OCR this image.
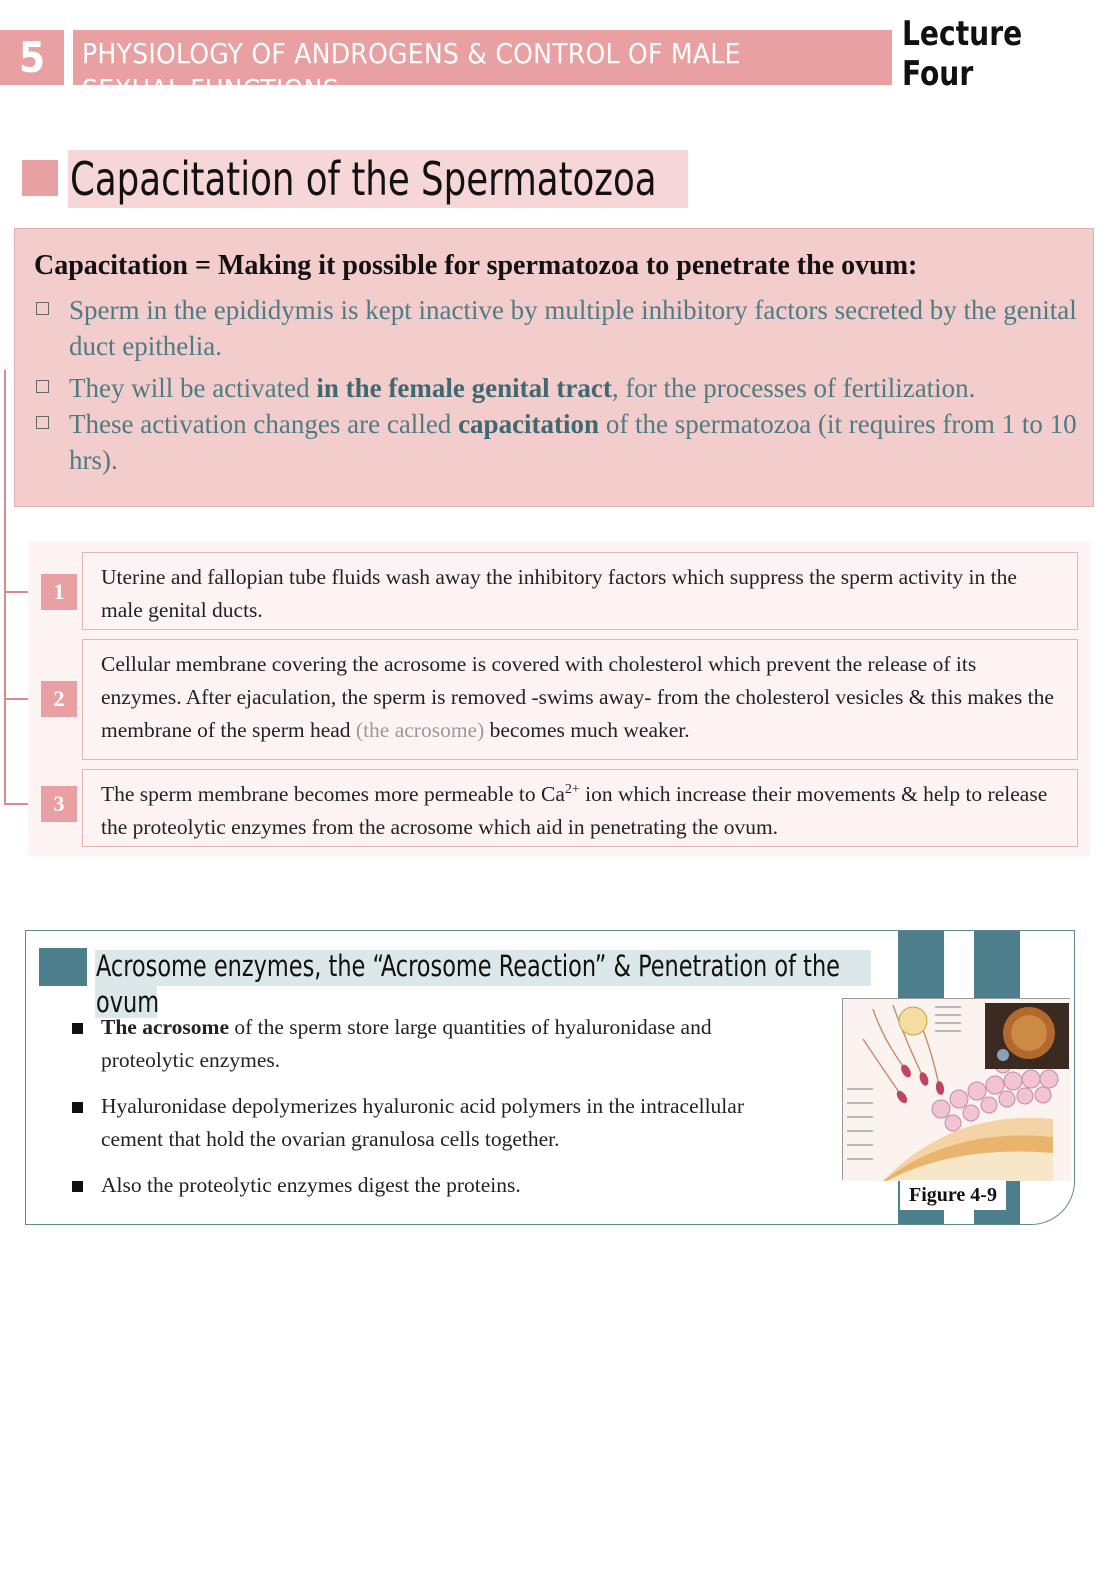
5	PHYSIOLOGY OF ANDROGENS & CONTROL OF MALE SEXUAL FUNCTIONS

Lecture Four
Capacitation of the Spermatozoa
Capacitation = Making it possible for spermatozoa to penetrate the ovum:
Sperm in the epididymis is kept inactive by multiple inhibitory factors secreted by the genital duct epithelia.
They will be activated in the female genital tract, for the processes of fertilization.
These activation changes are called capacitation of the spermatozoa (it requires from 1 to 10 hrs).
1
Uterine and fallopian tube fluids wash away the inhibitory factors which suppress the sperm activity in the male genital ducts.
2
Cellular membrane covering the acrosome is covered with cholesterol which prevent the release of its enzymes. After ejaculation, the sperm is removed -swims away- from the cholesterol vesicles & this makes the membrane of the sperm head (the acrosome) becomes much weaker.
3	The sperm membrane becomes more permeable to $Ca^{2+}$ ion which increase their movements & help to release the proteolytic enzymes from the acrosome which aid in penetrating the ovum.
Acrosome enzymes, the “Acrosome Reaction” & Penetration of the ovum
The acrosome of the sperm store large quantities of hyaluronidase and proteolytic enzymes.
Hyaluronidase depolymerizes hyaluronic acid polymers in the intracellular cement that hold the ovarian granulosa cells together.
Also the proteolytic enzymes digest the proteins.	Figure 4-9
